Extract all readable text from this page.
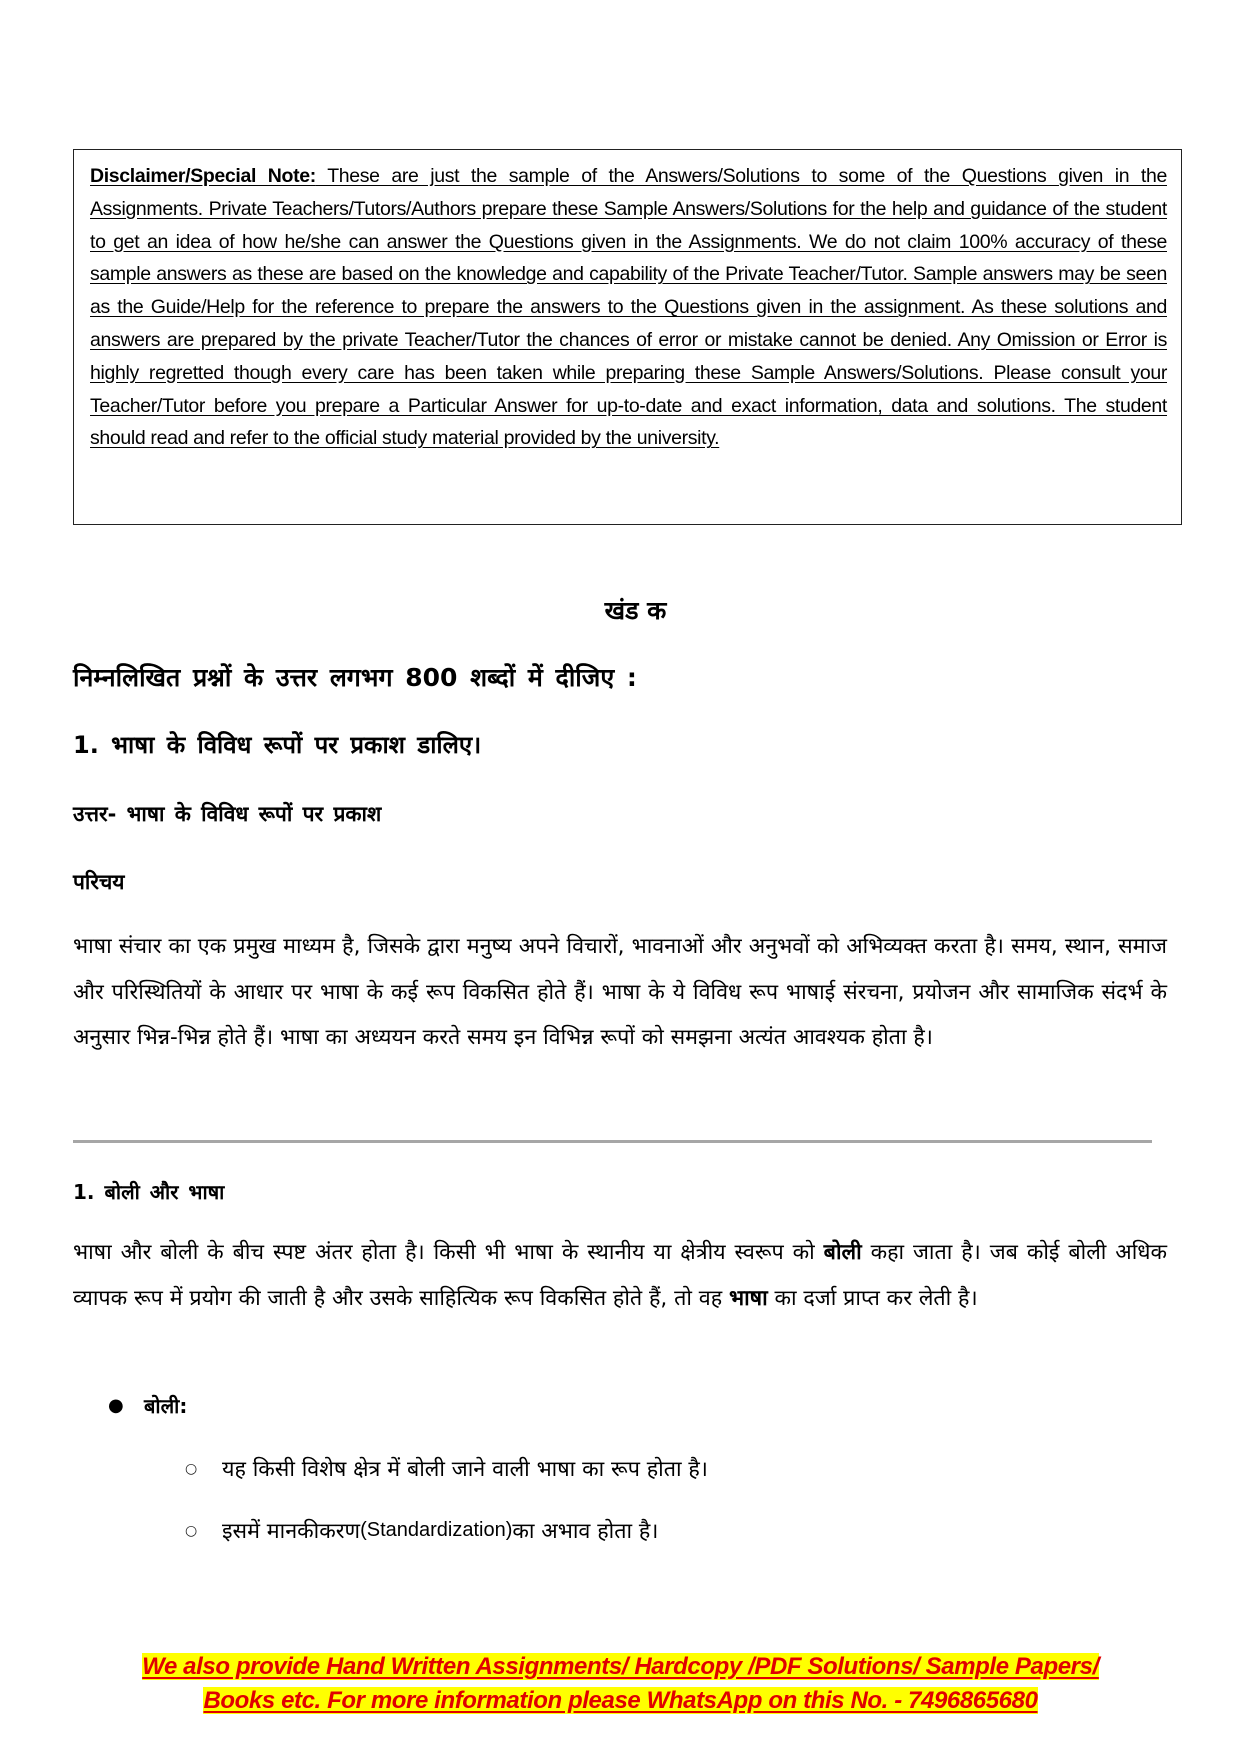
Disclaimer/Special Note: These are just the sample of the Answers/Solutions to some of the Questions given in the Assignments. Private Teachers/Tutors/Authors prepare these Sample Answers/Solutions for the help and guidance of the student to get an idea of how he/she can answer the Questions given in the Assignments. We do not claim 100% accuracy of these sample answers as these are based on the knowledge and capability of the Private Teacher/Tutor. Sample answers may be seen as the Guide/Help for the reference to prepare the answers to the Questions given in the assignment. As these solutions and answers are prepared by the private Teacher/Tutor the chances of error or mistake cannot be denied. Any Omission or Error is highly regretted though every care has been taken while preparing these Sample Answers/Solutions. Please consult your Teacher/Tutor before you prepare a Particular Answer for up-to-date and exact information, data and solutions. The student should read and refer to the official study material provided by the university.

खंड क
निम्नलिखित प्रश्नों के उत्तर लगभग 800 शब्दों में दीजिए :
1. भाषा के विविध रूपों पर प्रकाश डालिए।
उत्तर- भाषा के विविध रूपों पर प्रकाश
परिचय

भाषा संचार का एक प्रमुख माध्यम है, जिसके द्वारा मनुष्य अपने विचारों, भावनाओं और अनुभवों को अभिव्यक्त करता है। समय, स्थान, समाज और परिस्थितियों के आधार पर भाषा के कई रूप विकसित होते हैं। भाषा के ये विविध रूप भाषाई संरचना, प्रयोजन और सामाजिक संदर्भ के अनुसार भिन्न-भिन्न होते हैं। भाषा का अध्ययन करते समय इन विभिन्न रूपों को समझना अत्यंत आवश्यक होता है।

1. बोली और भाषा

भाषा और बोली के बीच स्पष्ट अंतर होता है। किसी भी भाषा के स्थानीय या क्षेत्रीय स्वरूप को बोली कहा जाता है। जब कोई बोली अधिक व्यापक रूप में प्रयोग की जाती है और उसके साहित्यिक रूप विकसित होते हैं, तो वह भाषा का दर्जा प्राप्त कर लेती है।

●	बोली:
○	यह किसी विशेष क्षेत्र में बोली जाने वाली भाषा का रूप होता है।
○	इसमें मानकीकरण (Standardization) का अभाव होता है।
We also provide Hand Written Assignments/ Hardcopy /PDF Solutions/ Sample Papers/
Books etc. For more information please WhatsApp on this No. - 7496865680
